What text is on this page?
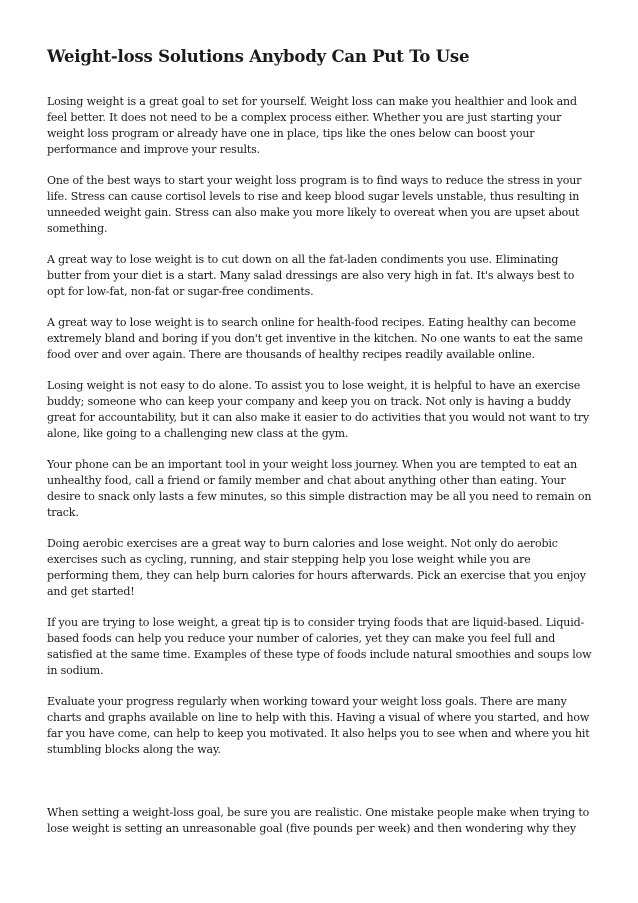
Weight-loss Solutions Anybody Can Put To Use

Losing weight is a great goal to set for yourself. Weight loss can make you healthier and look and feel better. It does not need to be a complex process either. Whether you are just starting your weight loss program or already have one in place, tips like the ones below can boost your performance and improve your results.

One of the best ways to start your weight loss program is to find ways to reduce the stress in your life. Stress can cause cortisol levels to rise and keep blood sugar levels unstable, thus resulting in unneeded weight gain. Stress can also make you more likely to overeat when you are upset about something.

A great way to lose weight is to cut down on all the fat-laden condiments you use. Eliminating butter from your diet is a start. Many salad dressings are also very high in fat. It's always best to opt for low-fat, non-fat or sugar-free condiments.

A great way to lose weight is to search online for health-food recipes. Eating healthy can become extremely bland and boring if you don't get inventive in the kitchen. No one wants to eat the same food over and over again. There are thousands of healthy recipes readily available online.

Losing weight is not easy to do alone. To assist you to lose weight, it is helpful to have an exercise buddy; someone who can keep your company and keep you on track. Not only is having a buddy great for accountability, but it can also make it easier to do activities that you would not want to try alone, like going to a challenging new class at the gym.

Your phone can be an important tool in your weight loss journey. When you are tempted to eat an unhealthy food, call a friend or family member and chat about anything other than eating. Your desire to snack only lasts a few minutes, so this simple distraction may be all you need to remain on track.

Doing aerobic exercises are a great way to burn calories and lose weight. Not only do aerobic exercises such as cycling, running, and stair stepping help you lose weight while you are performing them, they can help burn calories for hours afterwards. Pick an exercise that you enjoy and get started!

If you are trying to lose weight, a great tip is to consider trying foods that are liquid-based. Liquid-based foods can help you reduce your number of calories, yet they can make you feel full and satisfied at the same time. Examples of these type of foods include natural smoothies and soups low in sodium.

Evaluate your progress regularly when working toward your weight loss goals. There are many charts and graphs available on line to help with this. Having a visual of where you started, and how far you have come, can help to keep you motivated. It also helps you to see when and where you hit stumbling blocks along the way.

When setting a weight-loss goal, be sure you are realistic. One mistake people make when trying to lose weight is setting an unreasonable goal (five pounds per week) and then wondering why they
